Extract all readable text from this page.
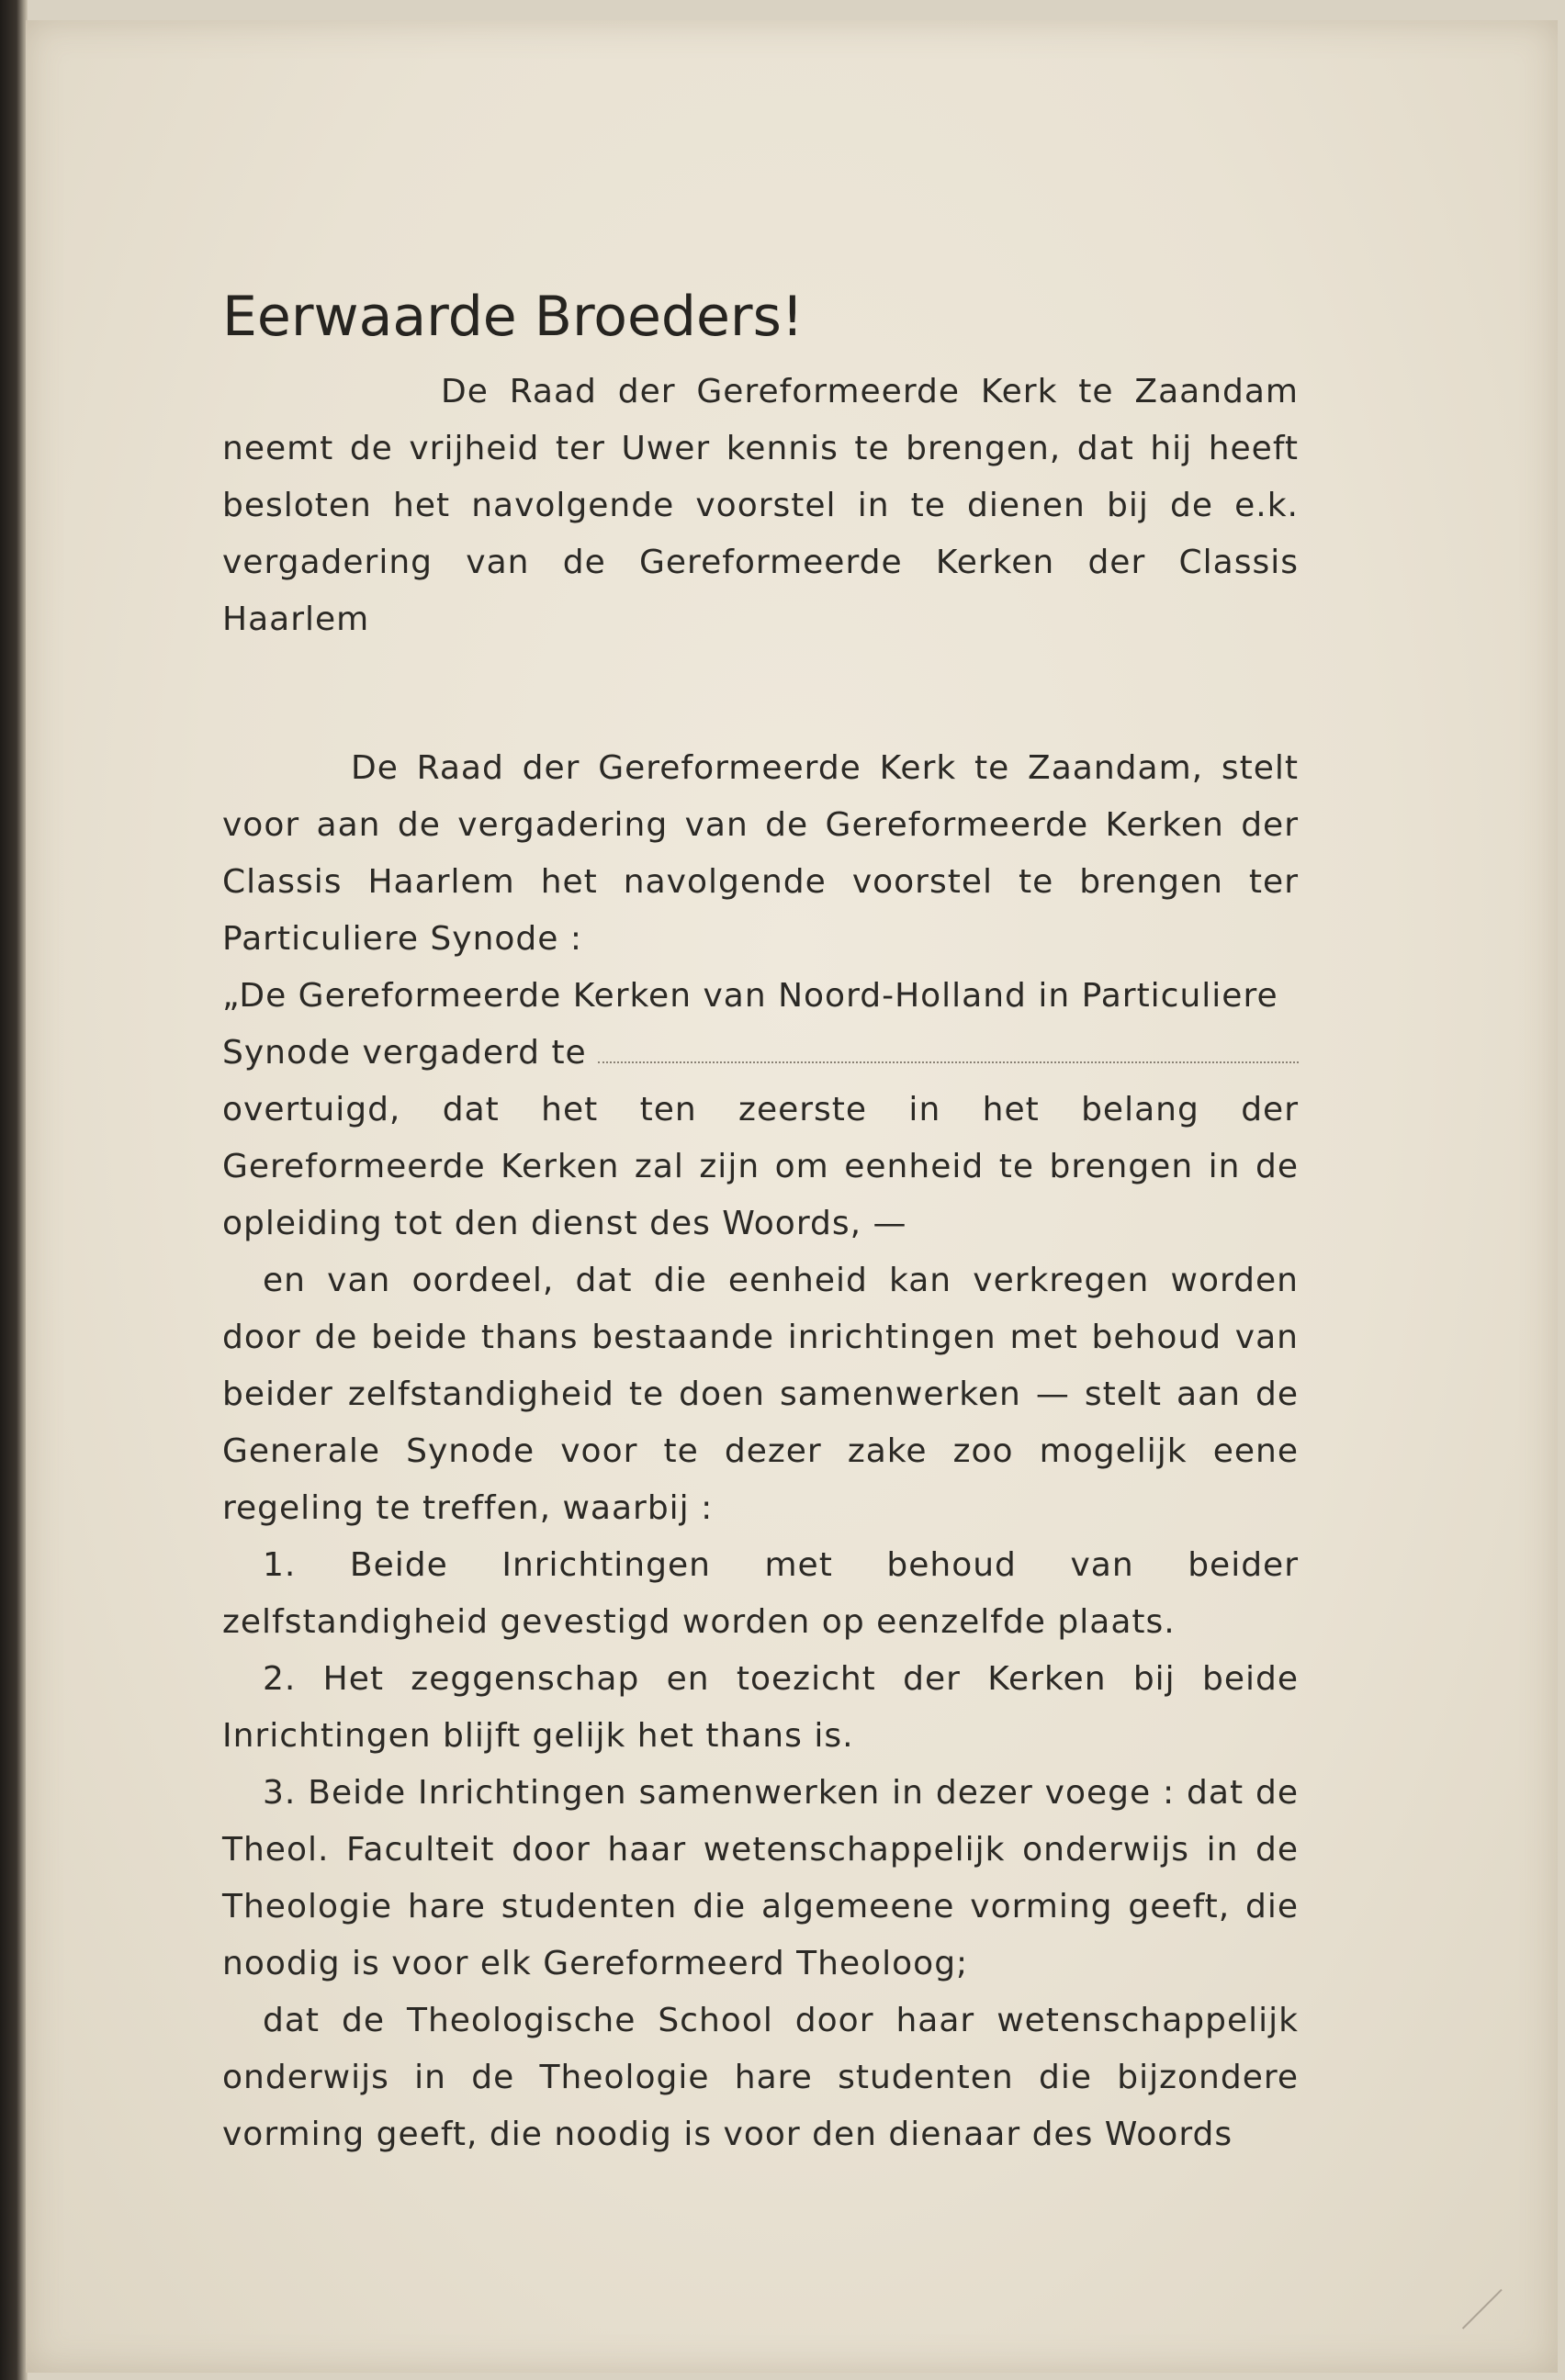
Eerwaarde Broeders!

De Raad der Gereformeerde Kerk te Zaandam neemt de vrijheid ter Uwer kennis te brengen, dat hij heeft besloten het navolgende voorstel in te dienen bij de e.k. vergadering van de Gereformeerde Kerken der Classis Haarlem

De Raad der Gereformeerde Kerk te Zaandam, stelt voor aan de vergadering van de Gereformeerde Kerken der Classis Haarlem het navolgende voorstel te brengen ter Particuliere Synode :

„De Gereformeerde Kerken van Noord-Holland in Particuliere

Synode vergaderd te

overtuigd, dat het ten zeerste in het belang der Gereformeerde Kerken zal zijn om eenheid te brengen in de opleiding tot den dienst des Woords, —

en van oordeel, dat die eenheid kan verkregen worden door de beide thans bestaande inrichtingen met behoud van beider zelfstandigheid te doen samenwerken — stelt aan de Generale Synode voor te dezer zake zoo mogelijk eene regeling te treffen, waarbij :

1. Beide Inrichtingen met behoud van beider zelfstandigheid gevestigd worden op eenzelfde plaats.

2. Het zeggenschap en toezicht der Kerken bij beide Inrichtingen blijft gelijk het thans is.

3. Beide Inrichtingen samenwerken in dezer voege : dat de Theol. Faculteit door haar wetenschappelijk onderwijs in de Theologie hare studenten die algemeene vorming geeft, die noodig is voor elk Gereformeerd Theoloog;

dat de Theologische School door haar wetenschappelijk onderwijs in de Theologie hare studenten die bijzondere vorming geeft, die noodig is voor den dienaar des Woords
